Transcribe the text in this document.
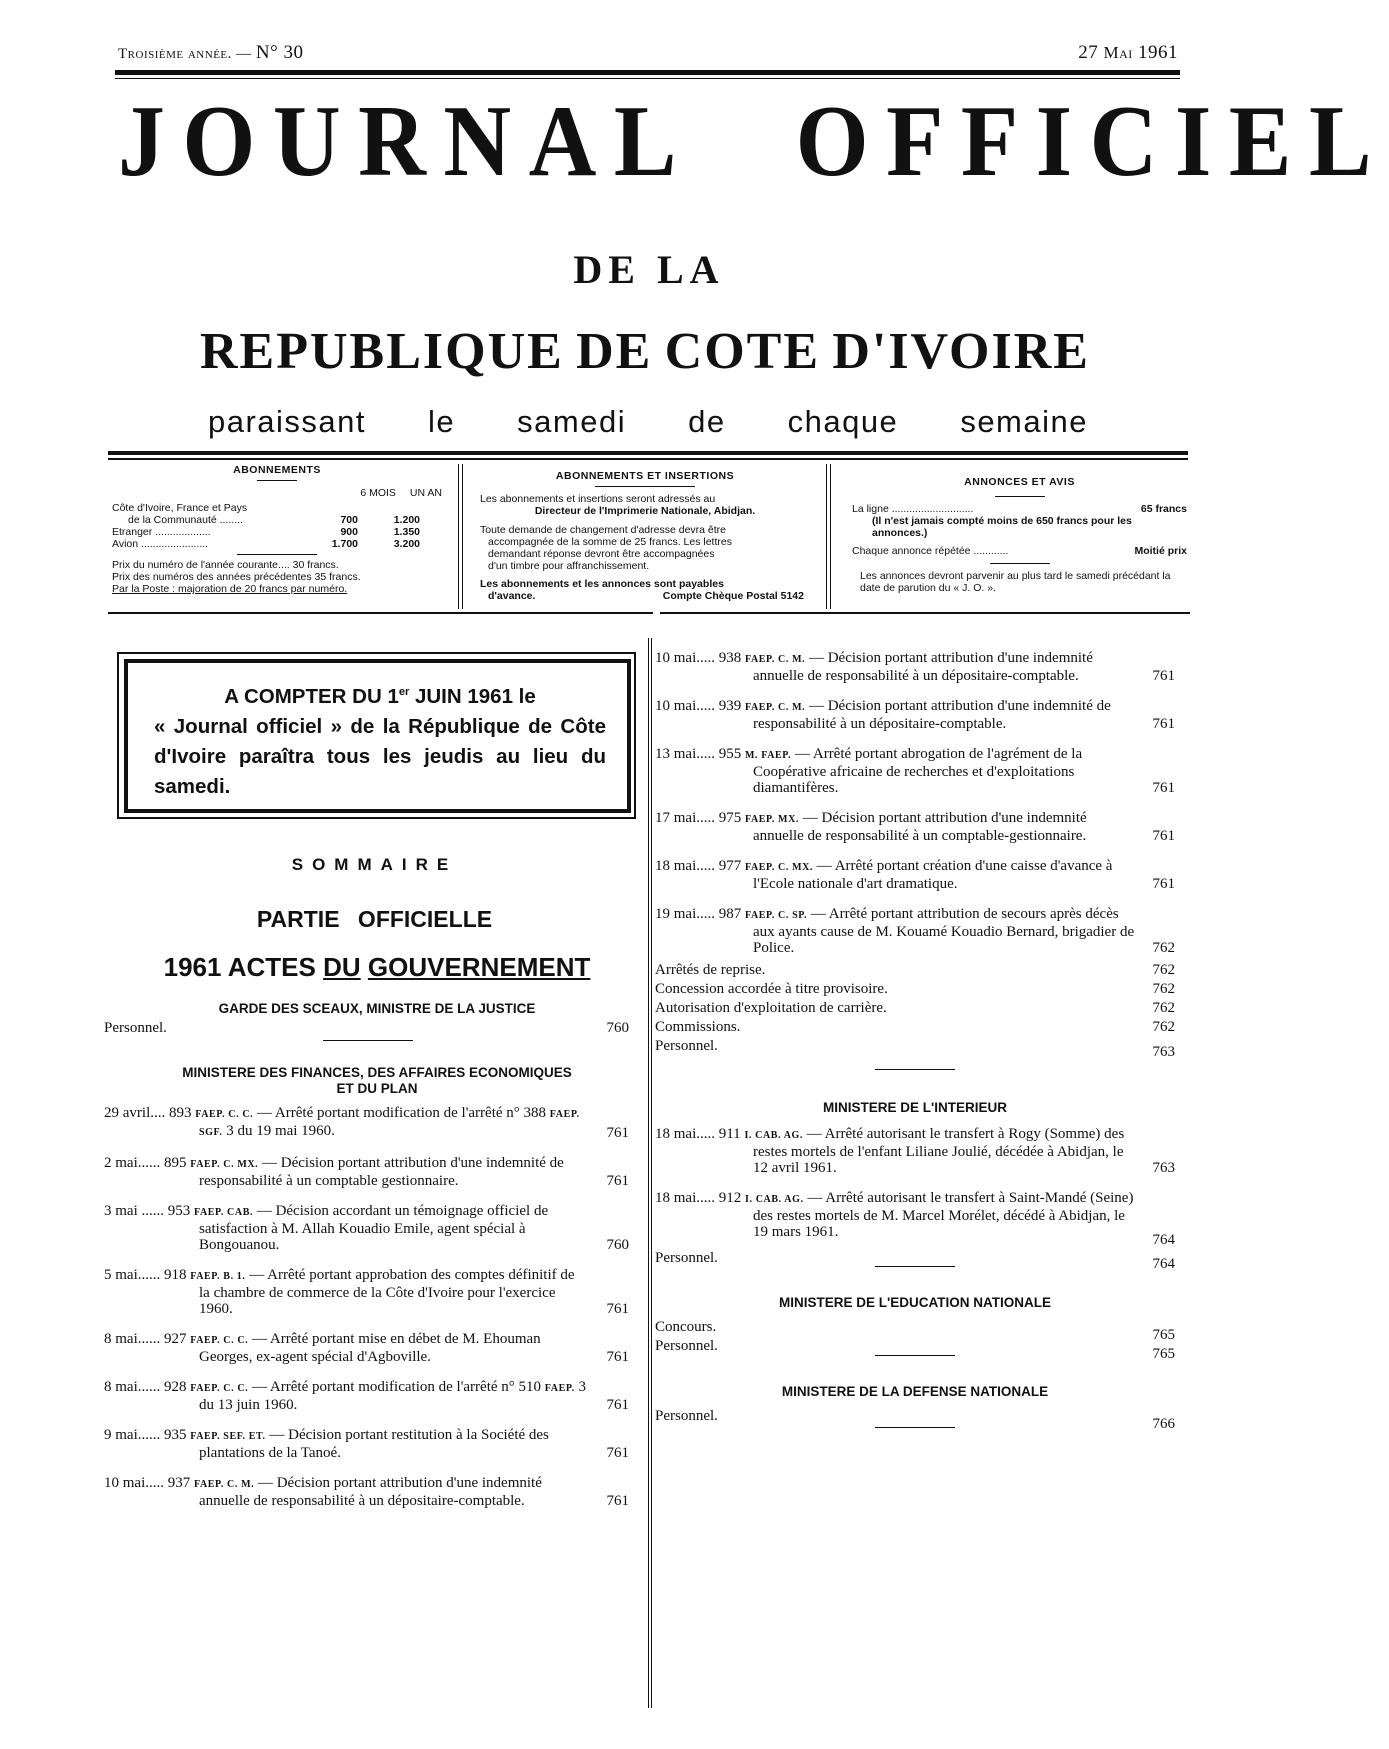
Troisième année. — N° 30	27 Mai 1961
JOURNAL OFFICIEL
DE LA
REPUBLIQUE DE COTE D'IVOIRE
paraissant le samedi de chaque semaine
ABONNEMENTS
6 MOIS UN AN
Côte d'Ivoire, France et Pays
de la Communauté ........	700	1.200
Etranger ...................	900	1.350
Avion .......................	1.700	3.200
Prix du numéro de l'année courante.... 30 francs.
Prix des numéros des années précédentes 35 francs.
Par la Poste : majoration de 20 francs par numéro.
ABONNEMENTS ET INSERTIONS
Les abonnements et insertions seront adressés au
Directeur de l'Imprimerie Nationale, Abidjan.
Toute demande de changement d'adresse devra être
accompagnée de la somme de 25 francs. Les lettres
demandant réponse devront être accompagnées
d'un timbre pour affranchissement.
Les abonnements et les annonces sont payables
d'avance.	Compte Chèque Postal 5142
ANNONCES ET AVIS
La ligne ............................	65 francs
(Il n'est jamais compté moins de 650 francs pour les annonces.)
Chaque annonce répétée ............	Moitié prix
Les annonces devront parvenir au plus tard le samedi précédant la date de parution du « J. O. ».
A COMPTER DU 1er JUIN 1961 le
« Journal officiel » de la République de Côte d'Ivoire paraîtra tous les jeudis au lieu du samedi.
SOMMAIRE
PARTIE OFFICIELLE
1961 ACTES DU GOUVERNEMENT
GARDE DES SCEAUX, MINISTRE DE LA JUSTICE
Personnel.	760
MINISTERE DES FINANCES, DES AFFAIRES ECONOMIQUES
ET DU PLAN
29 avril.... 893 FAEP. C. C. — Arrêté portant modification de l'arrêté n° 388 FAEP. SGF. 3 du 19 mai 1960.	761
2 mai...... 895 FAEP. C. MX. — Décision portant attribution d'une indemnité de responsabilité à un comptable gestionnaire.	761
3 mai ...... 953 FAEP. CAB. — Décision accordant un témoignage officiel de satisfaction à M. Allah Kouadio Emile, agent spécial à Bongouanou.	760
5 mai...... 918 FAEP. B. 1. — Arrêté portant approbation des comptes définitif de la chambre de commerce de la Côte d'Ivoire pour l'exercice 1960.	761
8 mai...... 927 FAEP. C. C. — Arrêté portant mise en débet de M. Ehouman Georges, ex-agent spécial d'Agboville.	761
8 mai...... 928 FAEP. C. C. — Arrêté portant modification de l'arrêté n° 510 FAEP. 3 du 13 juin 1960.	761
9 mai...... 935 FAEP. SEF. ET. — Décision portant restitution à la Société des plantations de la Tanoé.	761
10 mai..... 937 FAEP. C. M. — Décision portant attribution d'une indemnité annuelle de responsabilité à un dépositaire-comptable.	761
10 mai..... 938 FAEP. C. M. — Décision portant attribution d'une indemnité annuelle de responsabilité à un dépositaire-comptable.	761
10 mai..... 939 FAEP. C. M. — Décision portant attribution d'une indemnité de responsabilité à un dépositaire-comptable.	761
13 mai..... 955 M. FAEP. — Arrêté portant abrogation de l'agrément de la Coopérative africaine de recherches et d'exploitations diamantifères.	761
17 mai..... 975 FAEP. MX. — Décision portant attribution d'une indemnité annuelle de responsabilité à un comptable-gestionnaire.	761
18 mai..... 977 FAEP. C. MX. — Arrêté portant création d'une caisse d'avance à l'Ecole nationale d'art dramatique.	761
19 mai..... 987 FAEP. C. SP. — Arrêté portant attribution de secours après décès aux ayants cause de M. Kouamé Kouadio Bernard, brigadier de Police.	762
Arrêtés de reprise.	762
Concession accordée à titre provisoire.	762
Autorisation d'exploitation de carrière.	762
Commissions.	762
Personnel.	763
MINISTERE DE L'INTERIEUR
18 mai..... 911 I. CAB. AG. — Arrêté autorisant le transfert à Rogy (Somme) des restes mortels de l'enfant Liliane Joulié, décédée à Abidjan, le 12 avril 1961.	763
18 mai..... 912 I. CAB. AG. — Arrêté autorisant le transfert à Saint-Mandé (Seine) des restes mortels de M. Marcel Morélet, décédé à Abidjan, le 19 mars 1961.	764
Personnel.	764
MINISTERE DE L'EDUCATION NATIONALE
Concours.	765
Personnel.	765
MINISTERE DE LA DEFENSE NATIONALE
Personnel.	766
